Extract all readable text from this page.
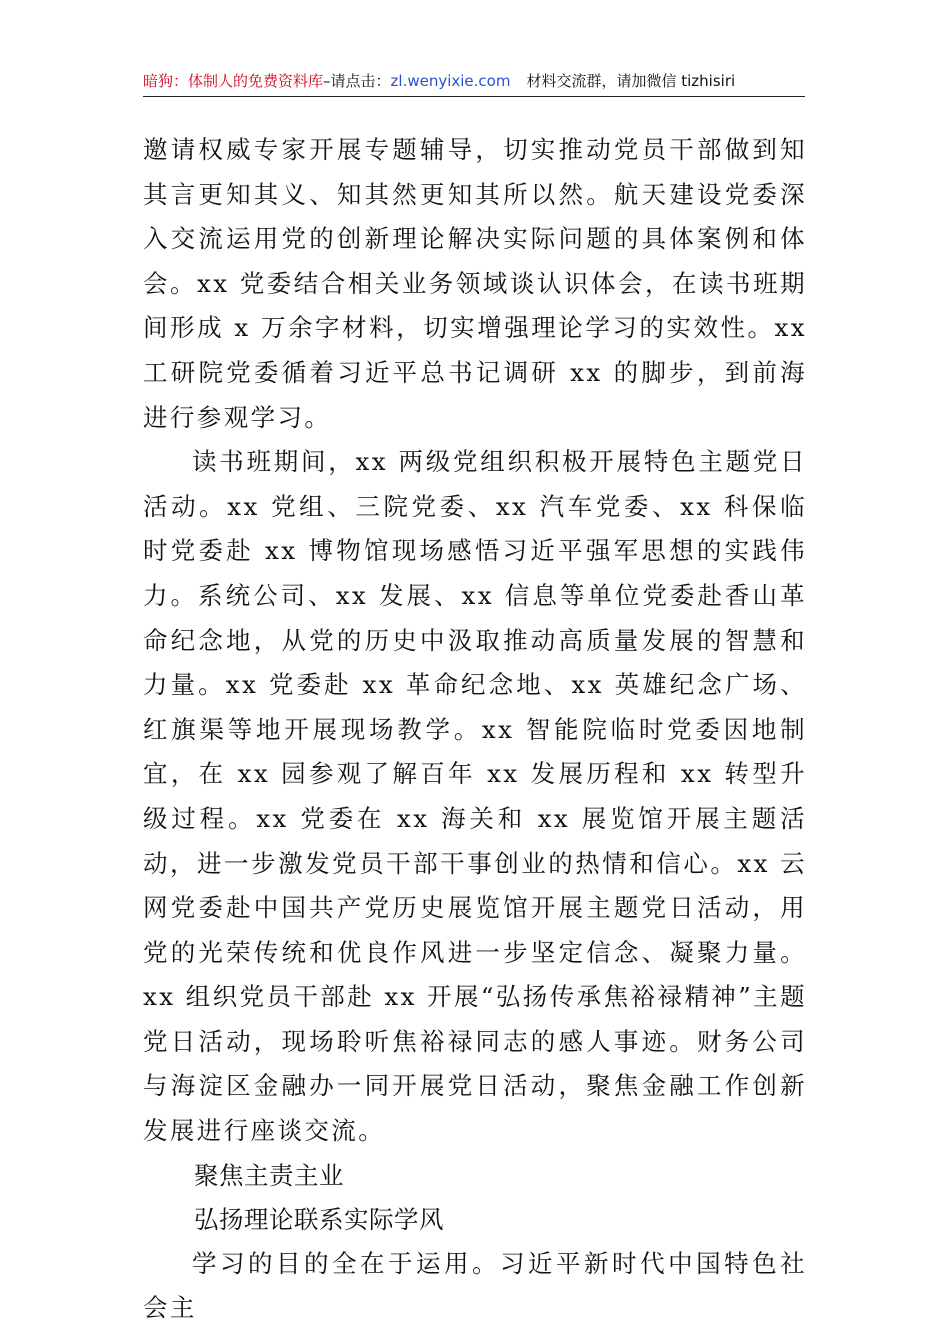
暗狗：体制人的免费资料库–请点击：zl.wenyixie.com 材料交流群，请加微信 tizhisiri

邀请权威专家开展专题辅导，切实推动党员干部做到知其言更知其义、知其然更知其所以然。航天建设党委深入交流运用党的创新理论解决实际问题的具体案例和体会。xx 党委结合相关业务领域谈认识体会，在读书班期间形成 x 万余字材料，切实增强理论学习的实效性。xx 工研院党委循着习近平总书记调研 xx 的脚步，到前海进行参观学习。

读书班期间，xx 两级党组织积极开展特色主题党日活动。xx 党组、三院党委、xx 汽车党委、xx 科保临时党委赴 xx 博物馆现场感悟习近平强军思想的实践伟力。系统公司、xx 发展、xx 信息等单位党委赴香山革命纪念地，从党的历史中汲取推动高质量发展的智慧和力量。xx 党委赴 xx 革命纪念地、xx 英雄纪念广场、红旗渠等地开展现场教学。xx 智能院临时党委因地制宜，在 xx 园参观了解百年 xx 发展历程和 xx 转型升级过程。xx 党委在 xx 海关和 xx 展览馆开展主题活动，进一步激发党员干部干事创业的热情和信心。xx 云网党委赴中国共产党历史展览馆开展主题党日活动，用党的光荣传统和优良作风进一步坚定信念、凝聚力量。xx 组织党员干部赴 xx 开展“弘扬传承焦裕禄精神”主题党日活动，现场聆听焦裕禄同志的感人事迹。财务公司与海淀区金融办一同开展党日活动，聚焦金融工作创新发展进行座谈交流。

聚焦主责主业

弘扬理论联系实际学风

学习的目的全在于运用。习近平新时代中国特色社会主
